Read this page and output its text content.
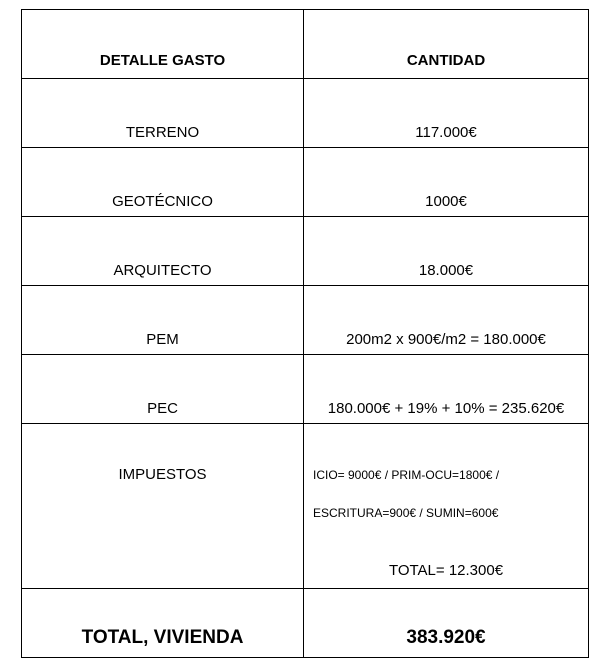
DETALLE GASTO	CANTIDAD

TERRENO	117.000€

GEOTÉCNICO	1000€

ARQUITECTO	18.000€

PEM	200m2 x 900€/m2 = 180.000€

PEC	180.000€ + 19% + 10% = 235.620€

IMPUESTOS	ICIO= 9000€ / PRIM-OCU=1800€ /
ESCRITURA=900€ / SUMIN=600€
TOTAL= 12.300€

TOTAL, VIVIENDA	383.920€
